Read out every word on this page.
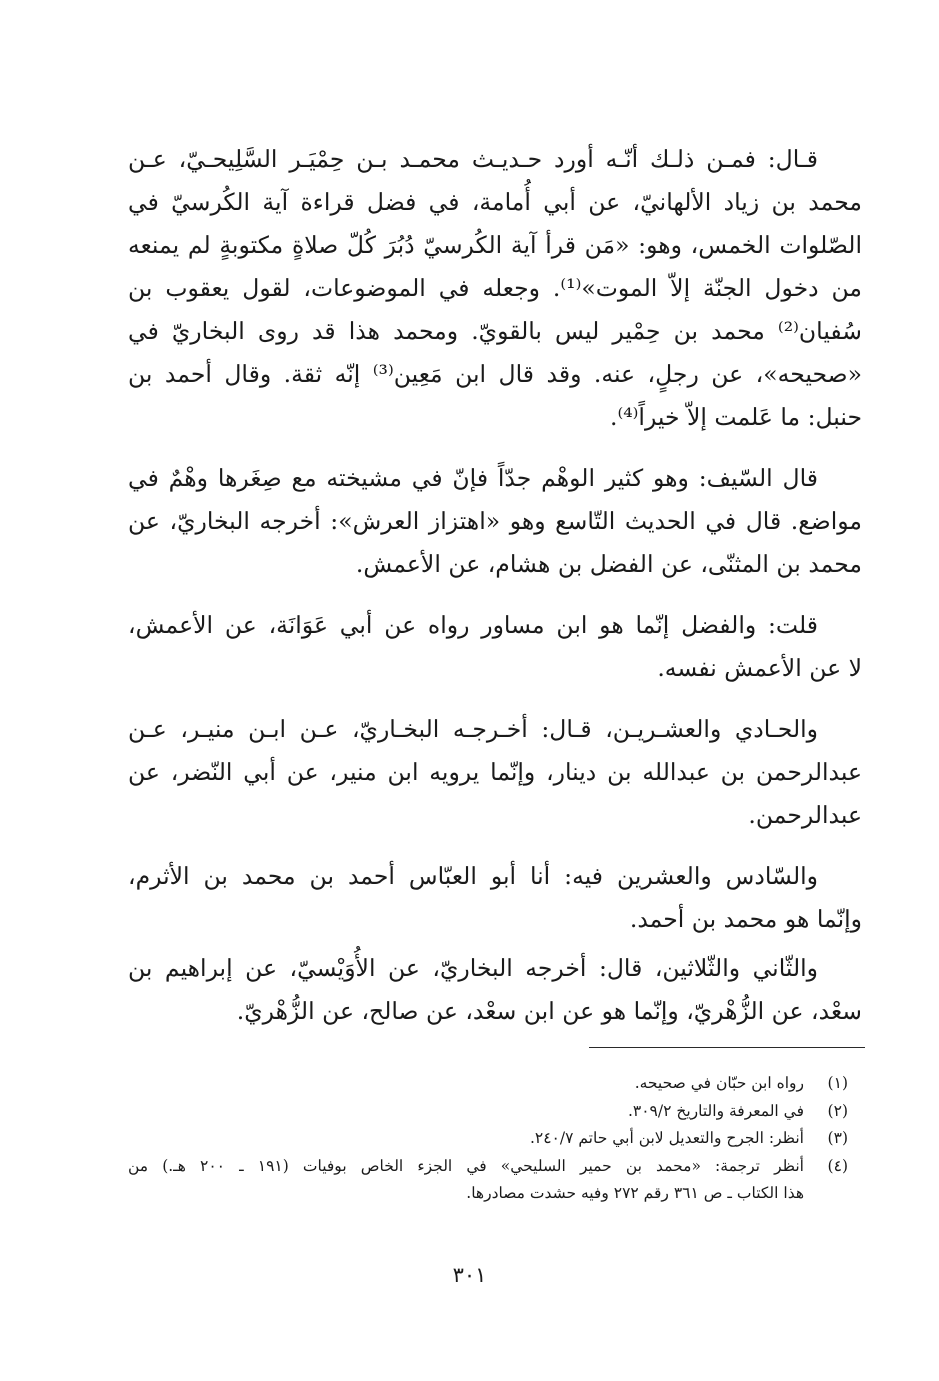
قـال: فمـن ذلـك أنّـه أورد حـديـث محمـد بـن حِمْيَـر السَّلِيحـيّ، عـن
محمد بن زياد الألهانيّ، عن أبي أُمامة، في فضل قراءة آية الكُرسيّ في
الصّلوات الخمس، وهو: «مَن قرأ آية الكُرسيّ دُبُرَ كُلّ صلاةٍ مكتوبةٍ لم يمنعه
من دخول الجنّة إلاّ الموت»⁽¹⁾. وجعله في الموضوعات، لقول يعقوب بن
سُفيان⁽²⁾ محمد بن حِمْير ليس بالقويّ. ومحمد هذا قد روى البخاريّ في
«صحيحه»، عن رجلٍ، عنه. وقد قال ابن مَعِين⁽³⁾ إنّه ثقة. وقال أحمد بن
حنبل: ما عَلمت إلاّ خيراً⁽⁴⁾.

قال السّيف: وهو كثير الوهْم جدّاً فإنّ في مشيخته مع صِغَرها وهْمٌ في
مواضع. قال في الحديث التّاسع وهو «اهتزاز العرش»: أخرجه البخاريّ، عن
محمد بن المثنّى، عن الفضل بن هشام، عن الأعمش.

قلت: والفضل إنّما هو ابن مساور رواه عن أبي عَوَانَة، عن الأعمش،
لا عن الأعمش نفسه.

والحـادي والعشـريـن، قـال: أخـرجـه البخـاريّ، عـن ابـن منيـر، عـن
عبدالرحمن بن عبدالله بن دينار، وإنّما يرويه ابن منير، عن أبي النّضر، عن
عبدالرحمن.

والسّادس والعشرين فيه: أنا أبو العبّاس أحمد بن محمد بن الأثرم،
وإنّما هو محمد بن أحمد.

والثّاني والثّلاثين، قال: أخرجه البخاريّ، عن الأُوَيْسيّ، عن إبراهيم بن
سعْد، عن الزُّهْريّ، وإنّما هو عن ابن سعْد، عن صالح، عن الزُّهْريّ.

(١)
رواه ابن حبّان في صحيحه.
(٢)
في المعرفة والتاريخ ٣٠٩/٢.
(٣)
أنظر: الجرح والتعديل لابن أبي حاتم ٢٤٠/٧.
(٤)
أنظر ترجمة: «محمد بن حمير السليحي» في الجزء الخاص بوفيات (١٩١ ـ ٢٠٠ هـ.) من
هذا الكتاب ـ ص ٣٦١ رقم ٢٧٢ وفيه حشدت مصادرها.
٣٠١
